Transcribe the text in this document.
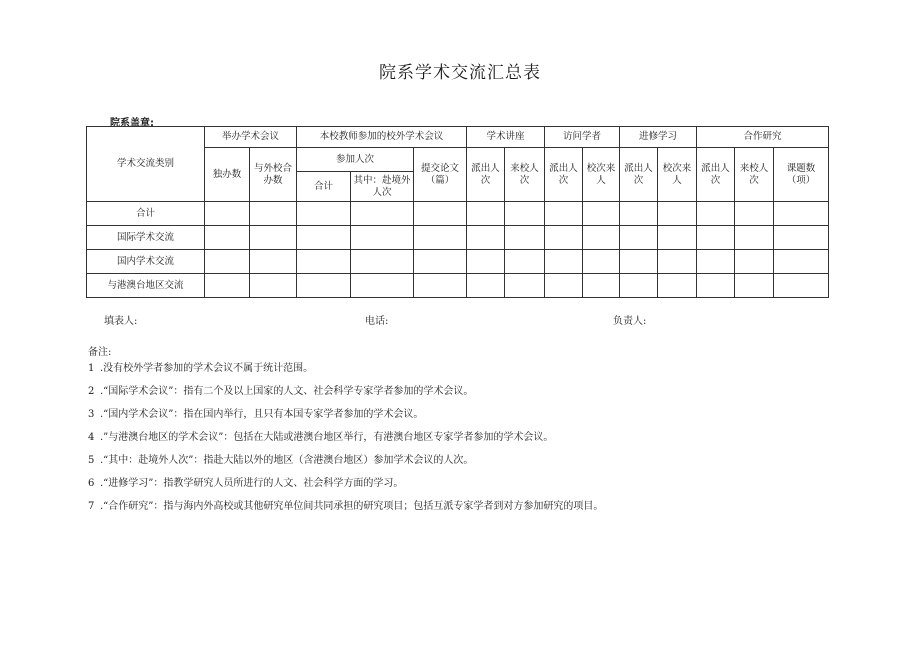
院系学术交流汇总表
院系盖章:
学术交流类别	举办学术会议		本校教师参加的校外学术会议			学术讲座		访问学者		进修学习		合作研究		
	独办数	与外校合办数	参加人次		提交论文（篇）	派出人次	来校人次	派出人次	校次来人	派出人次	校次来人	派出人次	来校人次	课题数（项）
			合计	其中：赴境外人次										
合计														
国际学术交流														
国内学术交流														
与港澳台地区交流														
填表人:	电话:	负责人:
备注:
1 .没有校外学者参加的学术会议不属于统计范围。
2 .“国际学术会议”：指有二个及以上国家的人文、社会科学专家学者参加的学术会议。
3 .“国内学术会议”：指在国内举行，且只有本国专家学者参加的学术会议。
4 .”与港澳台地区的学术会议”：包括在大陆或港澳台地区举行，有港澳台地区专家学者参加的学术会议。
5 .“其中：赴境外人次”：指赴大陆以外的地区（含港澳台地区）参加学术会议的人次。
6 .“进修学习”：指教学研究人员所进行的人文、社会科学方面的学习。
7 .“合作研究”：指与海内外高校或其他研究单位间共同承担的研究项目；包括互派专家学者到对方参加研究的项目。
